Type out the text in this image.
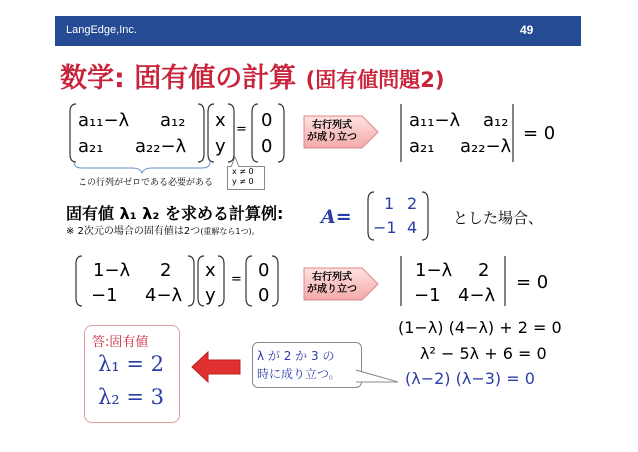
LangEdge,Inc.	49
数学: 固有値の計算 (固有値問題2)
a₁₁−λ a₁₂
a₂₁ a₂₂−λ
x
y
= 0
0
この行列がゼロである必要がある
x ≠ 0
y ≠ 0
右行列式
が成り立つ
a₁₁−λ a₁₂
a₂₁ a₂₂−λ
= 0
固有値 λ₁ λ₂ を求める計算例:
※ 2次元の場合の固有値は2つ(重解なら1つ)。
A=
1 2
−1 4 とした場合、
1−λ 2
−1 4−λ
x
y
= 0
0
右行列式
が成り立つ
1−λ 2
−1 4−λ
= 0
(1−λ) (4−λ) + 2 = 0
λ² − 5λ + 6 = 0
(λ−2) (λ−3) = 0
答:固有値
λ₁ = 2
λ₂ = 3
λ が 2 か 3 の
時に成り立つ。
